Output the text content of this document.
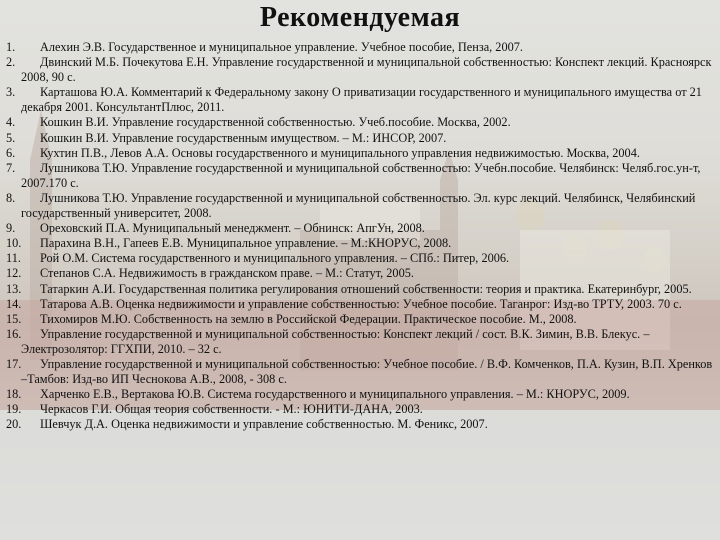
Рекомендуемая
1. Алехин Э.В. Государственное и муниципальное управление. Учебное пособие, Пенза, 2007.
2. Двинский М.Б. Почекутова Е.Н. Управление государственной и муниципальной собственностью: Конспект лекций. Красноярск 2008, 90 с.
3. Карташова Ю.А. Комментарий к Федеральному закону О приватизации государственного и муниципального имущества от 21 декабря 2001. КонсультантПлюс, 2011.
4. Кошкин В.И. Управление государственной собственностью. Учеб.пособие. Москва, 2002.
5. Кошкин В.И. Управление государственным имуществом. – М.: ИНСОР, 2007.
6. Кухтин П.В., Левов А.А. Основы государственного и муниципального управления недвижимостью. Москва, 2004.
7. Лушникова Т.Ю. Управление государственной и муниципальной собственностью: Учебн.пособие. Челябинск: Челяб.гос.ун-т, 2007.170 с.
8. Лушникова Т.Ю. Управление государственной и муниципальной собственностью. Эл. курс лекций. Челябинск, Челябинский государственный университет, 2008.
9. Ореховский П.А. Муниципальный менеджмент. – Обнинск: АпгУн, 2008.
10. Парахина В.Н., Гапеев Е.В. Муниципальное управление. – М.:КНОРУС, 2008.
11. Рой О.М. Система государственного и муниципального управления. – СПб.: Питер, 2006.
12. Степанов С.А. Недвижимость в гражданском праве. – М.: Статут, 2005.
13. Татаркин А.И. Государственная политика регулирования отношений собственности: теория и практика. Екатеринбург, 2005.
14. Татарова А.В. Оценка недвижимости и управление собственностью: Учебное пособие. Таганрог: Изд-во ТРТУ, 2003. 70 с.
15. Тихомиров М.Ю. Собственность на землю в Российской Федерации. Практическое пособие. М., 2008.
16. Управление государственной и муниципальной собственностью: Конспект лекций / сост. В.К. Зимин, В.В. Блекус. – Электрозолятор: ГГХПИ, 2010. – 32 с.
17. Управление государственной и муниципальной собственностью: Учебное пособие. / В.Ф. Комченков, П.А. Кузин, В.П. Хренков –Тамбов: Изд-во ИП Чеснокова А.В., 2008, - 308 с.
18. Харченко Е.В., Вертакова Ю.В. Система государственного и муниципального управления. – М.: КНОРУС, 2009.
19. Черкасов Г.И. Общая теория собственности. - М.: ЮНИТИ-ДАНА, 2003.
20. Шевчук Д.А. Оценка недвижимости и управление собственностью. М. Феникс, 2007.
